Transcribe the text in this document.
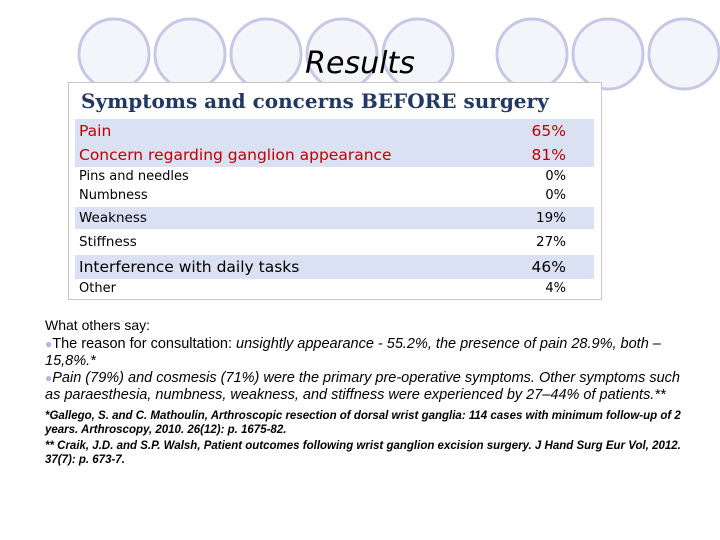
Results
Symptoms and concerns BEFORE surgery
Pain	65%
Concern regarding ganglion appearance	81%
Pins and needles	0%
Numbness	0%
Weakness	19%
Stiffness	27%
Interference with daily tasks	46%
Other	4%

What others say:

●The reason for consultation: unsightly appearance - 55.2%, the presence of pain 28.9%, both – 15,8%.*

●Pain (79%) and cosmesis (71%) were the primary pre-operative symptoms. Other symptoms such as paraesthesia, numbness, weakness, and stiffness were experienced by 27–44% of patients.**

*Gallego, S. and C. Mathoulin, Arthroscopic resection of dorsal wrist ganglia: 114 cases with minimum follow-up of 2 years. Arthroscopy, 2010. 26(12): p. 1675-82.

** Craik, J.D. and S.P. Walsh, Patient outcomes following wrist ganglion excision surgery. J Hand Surg Eur Vol, 2012. 37(7): p. 673-7.
